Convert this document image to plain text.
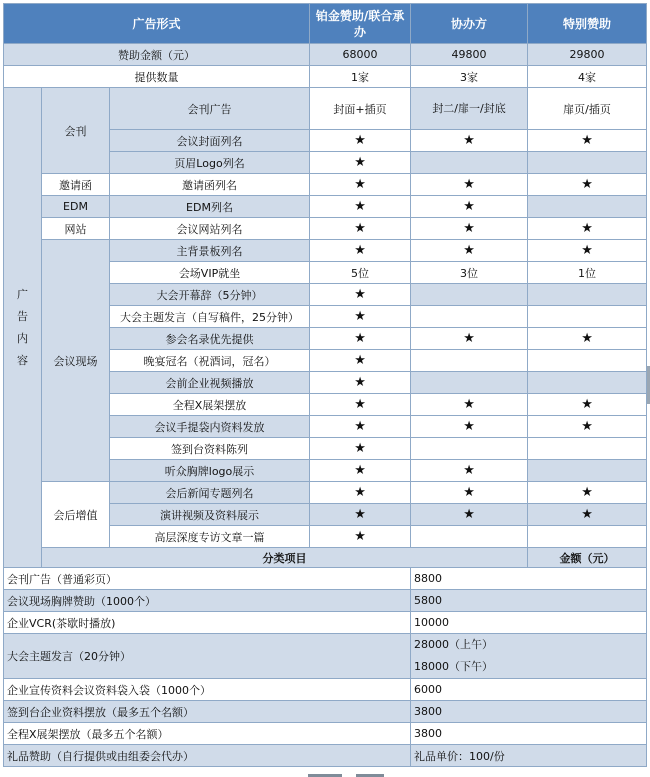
广告形式			铂金赞助/联合承办	协办方	特别赞助
赞助金额（元）			68000	49800	29800
提供数量			1家	3家	4家
广
告
内
容	会刊	会刊广告	封面+插页	封二/扉一/封底	扉页/插页
		会议封面列名	★	★	★
		页眉Logo列名	★		
	邀请函	邀请函列名	★	★	★
	EDM	EDM列名	★	★	
	网站	会议网站列名	★	★	★
	会议现场	主背景板列名	★	★	★
		会场VIP就坐	5位	3位	1位
		大会开幕辞（5分钟）	★		
		大会主题发言（自写稿件，25分钟）	★		
		参会名录优先提供	★	★	★
		晚宴冠名（祝酒词，冠名）	★		
		会前企业视频播放	★		
		全程X展架摆放	★	★	★
		会议手提袋内资料发放	★	★	★
		签到台资料陈列	★		
		听众胸牌logo展示	★	★	
	会后增值	会后新闻专题列名	★	★	★
		演讲视频及资料展示	★	★	★
		高层深度专访文章一篇	★		
	分类项目				金额（元）
会刊广告（普通彩页）				8800	
会议现场胸牌赞助（1000个）				5800	
企业VCR(茶歇时播放)				10000	
大会主题发言（20分钟）				28000（上午）
18000（下午）	

企业宣传资料会议资料袋入袋（1000个）				6000	
签到台企业资料摆放（最多五个名额）				3800	
全程X展架摆放（最多五个名额）				3800	
礼品赞助（自行提供或由组委会代办）				礼品单价：100/份	
